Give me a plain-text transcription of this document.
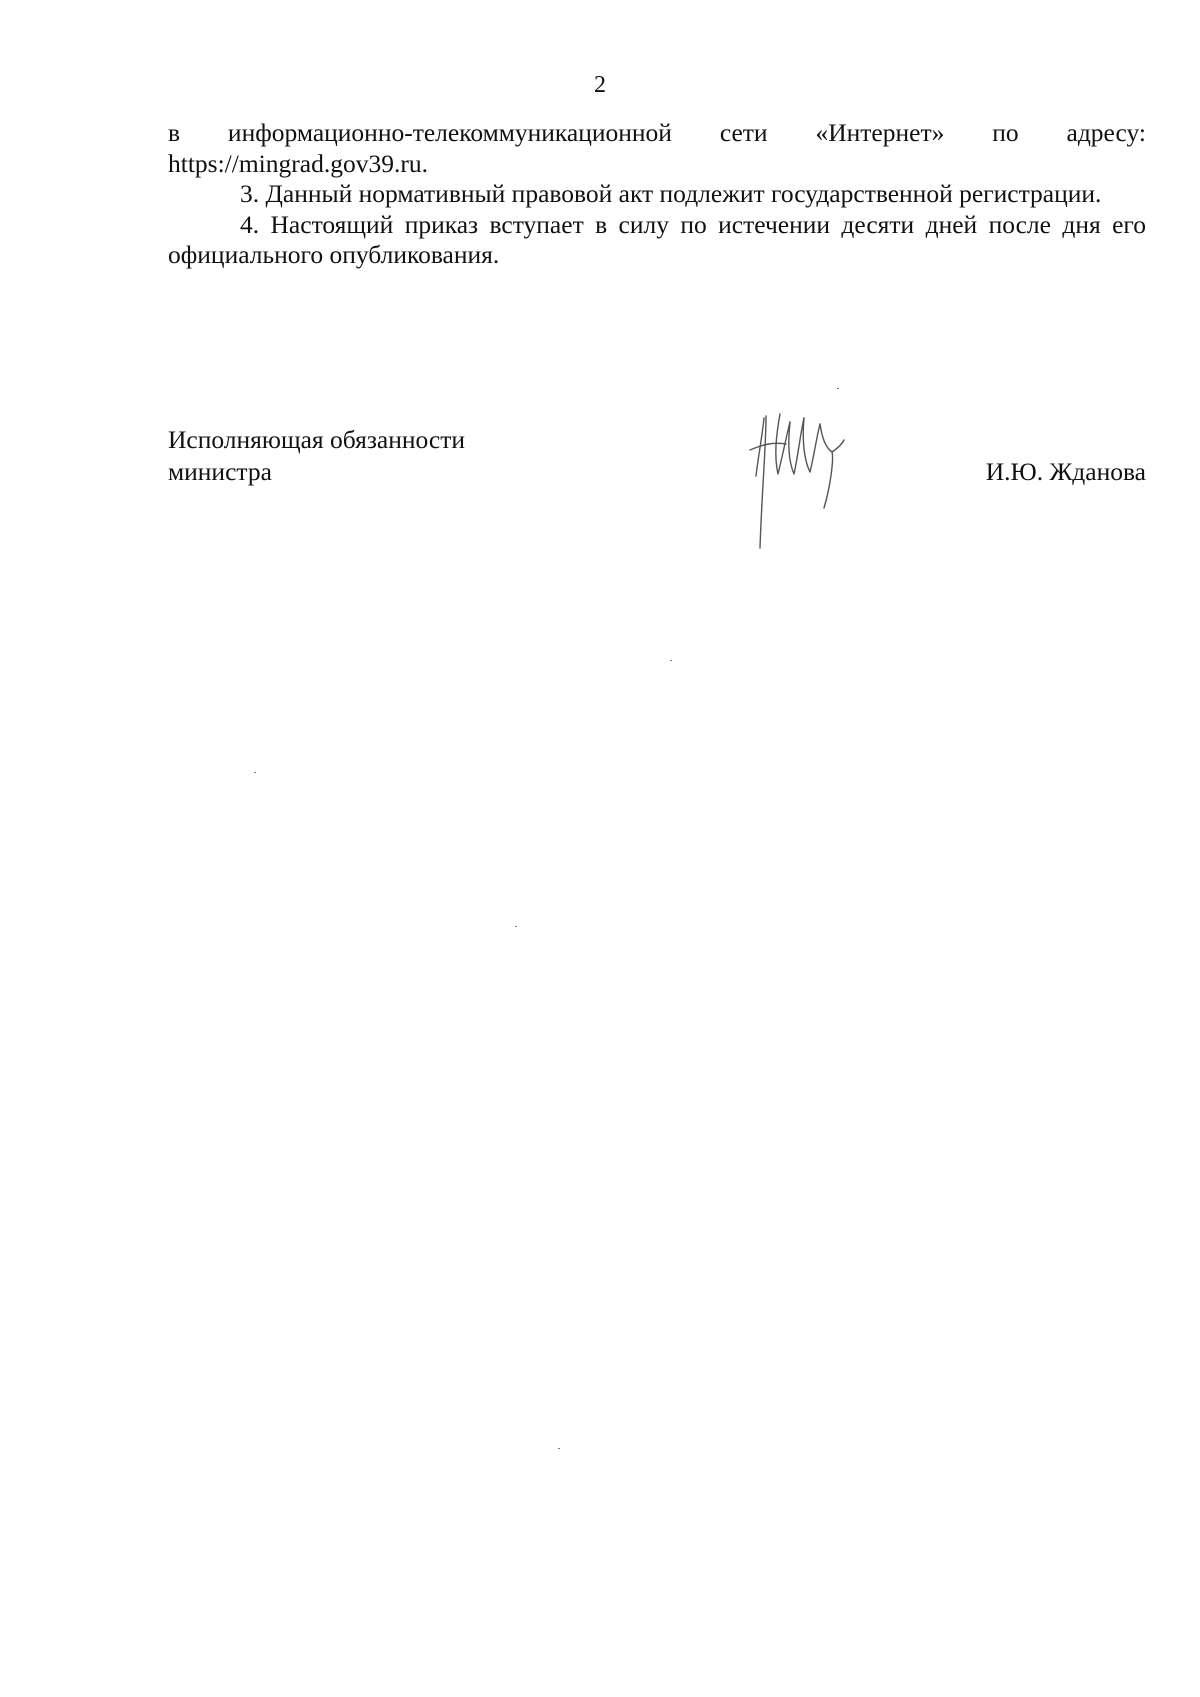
2

в информационно-телекоммуникационной сети «Интернет» по адресу: https://mingrad.gov39.ru.

3. Данный нормативный правовой акт подлежит государственной регистрации.

4. Настоящий приказ вступает в силу по истечении десяти дней после дня его официального опубликования.

Исполняющая обязанности
министра	И.Ю. Жданова
